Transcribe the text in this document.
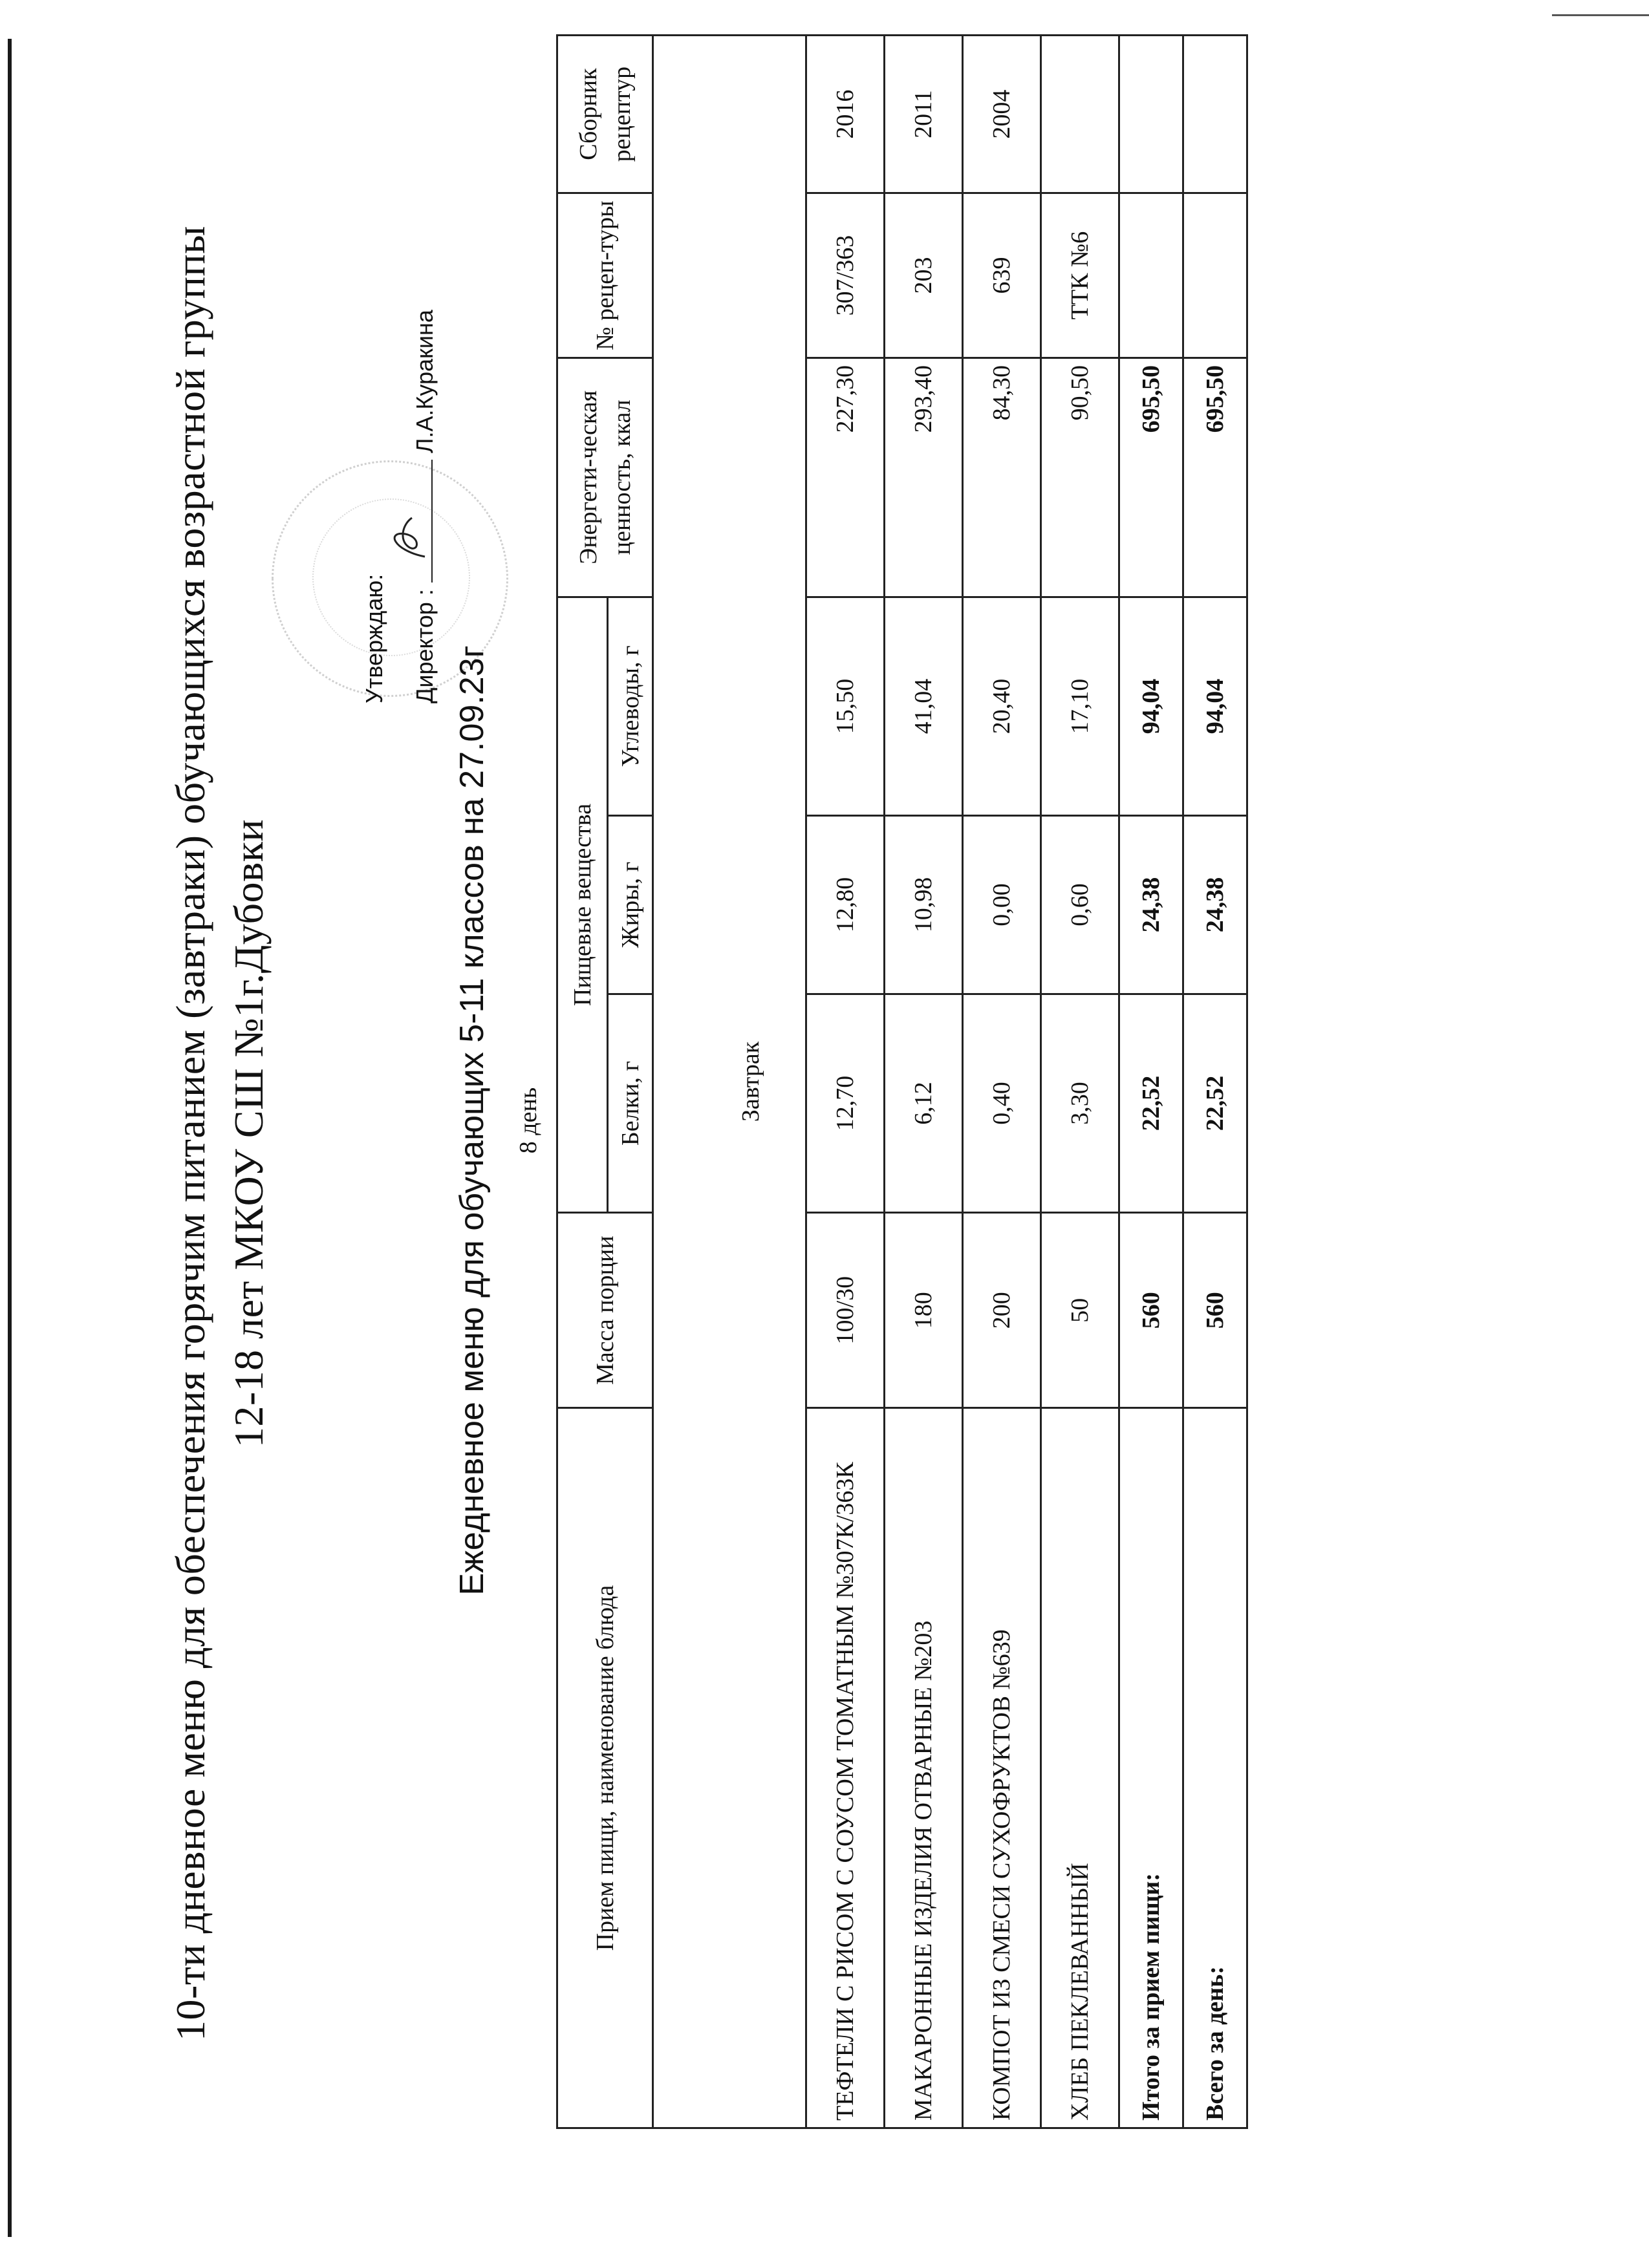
10-ти дневное меню для обеспечения горячим питанием (завтраки) обучающихся возрастной группы 12-18 лет МКОУ СШ №1г.Дубовки
Утверждаю:	Директор :
Л.А.Куракина
Ежедневное меню для обучающих 5-11 классов на 27.09.23г 8 день
Прием пищи, наименование блюда	Масса порции	Пищевые вещества			Энергети-ческая ценность, ккал	№ рецеп-туры	Сборник рецептур
		Белки, г	Жиры, г	Углеводы, г			
Завтрак							
ТЕФТЕЛИ С РИСОМ С СОУСОМ ТОМАТНЫМ №307К/363К	100/30	12,70	12,80	15,50	227,30	307/363	2016
МАКАРОННЫЕ ИЗДЕЛИЯ ОТВАРНЫЕ №203	180	6,12	10,98	41,04	293,40	203	2011
КОМПОТ ИЗ СМЕСИ СУХОФРУКТОВ №639	200	0,40	0,00	20,40	84,30	639	2004
ХЛЕБ ПЕКЛЕВАННЫЙ	50	3,30	0,60	17,10	90,50	ТТК №6	
Итого за прием пищи:	560	22,52	24,38	94,04	695,50		
Всего за день:	560	22,52	24,38	94,04	695,50		
